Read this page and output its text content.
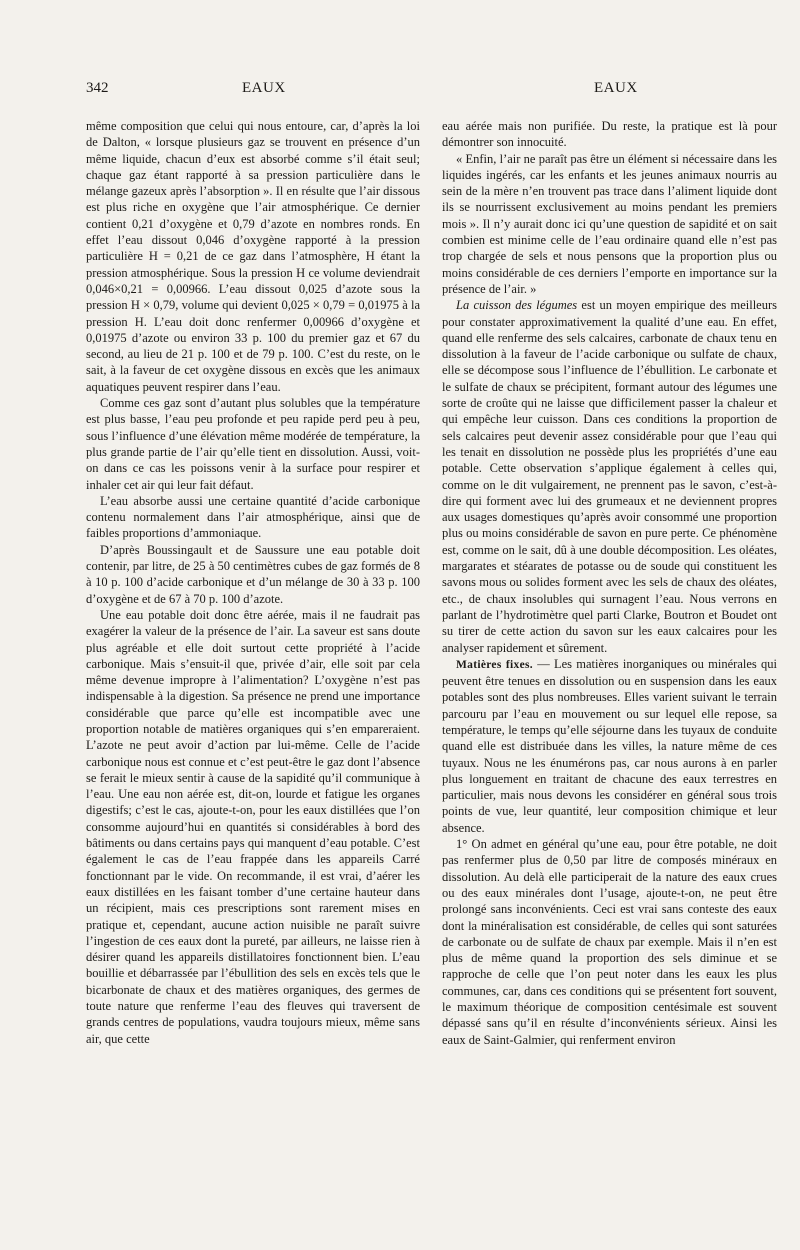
342	EAUX	EAUX

même composition que celui qui nous entoure, car, d’après la loi de Dalton, « lorsque plusieurs gaz se trouvent en présence d’un même liquide, chacun d’eux est absorbé comme s’il était seul; chaque gaz étant rapporté à sa pression particulière dans le mélange gazeux après l’absorption ». Il en résulte que l’air dissous est plus riche en oxygène que l’air atmosphérique. Ce dernier contient 0,21 d’oxygène et 0,79 d’azote en nombres ronds. En effet l’eau dissout 0,046 d’oxygène rapporté à la pression particulière H = 0,21 de ce gaz dans l’atmosphère, H étant la pression atmosphérique. Sous la pression H ce volume deviendrait 0,046×0,21 = 0,00966. L’eau dissout 0,025 d’azote sous la pression H × 0,79, volume qui devient 0,025 × 0,79 = 0,01975 à la pression H. L’eau doit donc renfermer 0,00966 d’oxygène et 0,01975 d’azote ou environ 33 p. 100 du premier gaz et 67 du second, au lieu de 21 p. 100 et de 79 p. 100. C’est du reste, on le sait, à la faveur de cet oxygène dissous en excès que les animaux aquatiques peuvent respirer dans l’eau.

Comme ces gaz sont d’autant plus solubles que la température est plus basse, l’eau peu profonde et peu rapide perd peu à peu, sous l’influence d’une élévation même modérée de température, la plus grande partie de l’air qu’elle tient en dissolution. Aussi, voit-on dans ce cas les poissons venir à la surface pour respirer et inhaler cet air qui leur fait défaut.

L’eau absorbe aussi une certaine quantité d’acide carbonique contenu normalement dans l’air atmosphérique, ainsi que de faibles proportions d’ammoniaque.

D’après Boussingault et de Saussure une eau potable doit contenir, par litre, de 25 à 50 centimètres cubes de gaz formés de 8 à 10 p. 100 d’acide carbonique et d’un mélange de 30 à 33 p. 100 d’oxygène et de 67 à 70 p. 100 d’azote.

Une eau potable doit donc être aérée, mais il ne faudrait pas exagérer la valeur de la présence de l’air. La saveur est sans doute plus agréable et elle doit surtout cette propriété à l’acide carbonique. Mais s’ensuit-il que, privée d’air, elle soit par cela même devenue impropre à l’alimentation? L’oxygène n’est pas indispensable à la digestion. Sa présence ne prend une importance considérable que parce qu’elle est incompatible avec une proportion notable de matières organiques qui s’en empareraient. L’azote ne peut avoir d’action par lui-même. Celle de l’acide carbonique nous est connue et c’est peut-être le gaz dont l’absence se ferait le mieux sentir à cause de la sapidité qu’il communique à l’eau. Une eau non aérée est, dit-on, lourde et fatigue les organes digestifs; c’est le cas, ajoute-t-on, pour les eaux distillées que l’on consomme aujourd’hui en quantités si considérables à bord des bâtiments ou dans certains pays qui manquent d’eau potable. C’est également le cas de l’eau frappée dans les appareils Carré fonctionnant par le vide. On recommande, il est vrai, d’aérer les eaux distillées en les faisant tomber d’une certaine hauteur dans un récipient, mais ces prescriptions sont rarement mises en pratique et, cependant, aucune action nuisible ne paraît suivre l’ingestion de ces eaux dont la pureté, par ailleurs, ne laisse rien à désirer quand les appareils distillatoires fonctionnent bien. L’eau bouillie et débarrassée par l’ébullition des sels en excès tels que le bicarbonate de chaux et des matières organiques, des germes de toute nature que renferme l’eau des fleuves qui traversent de grands centres de populations, vaudra toujours mieux, même sans air, que cette

eau aérée mais non purifiée. Du reste, la pratique est là pour démontrer son innocuité.

« Enfin, l’air ne paraît pas être un élément si nécessaire dans les liquides ingérés, car les enfants et les jeunes animaux nourris au sein de la mère n’en trouvent pas trace dans l’aliment liquide dont ils se nourrissent exclusivement au moins pendant les premiers mois ». Il n’y aurait donc ici qu’une question de sapidité et on sait combien est minime celle de l’eau ordinaire quand elle n’est pas trop chargée de sels et nous pensons que la proportion plus ou moins considérable de ces derniers l’emporte en importance sur la présence de l’air. »

La cuisson des légumes est un moyen empirique des meilleurs pour constater approximativement la qualité d’une eau. En effet, quand elle renferme des sels calcaires, carbonate de chaux tenu en dissolution à la faveur de l’acide carbonique ou sulfate de chaux, elle se décompose sous l’influence de l’ébullition. Le carbonate et le sulfate de chaux se précipitent, formant autour des légumes une sorte de croûte qui ne laisse que difficilement passer la chaleur et qui empêche leur cuisson. Dans ces conditions la proportion de sels calcaires peut devenir assez considérable pour que l’eau qui les tenait en dissolution ne possède plus les propriétés d’une eau potable. Cette observation s’applique également à celles qui, comme on le dit vulgairement, ne prennent pas le savon, c’est-à-dire qui forment avec lui des grumeaux et ne deviennent propres aux usages domestiques qu’après avoir consommé une proportion plus ou moins considérable de savon en pure perte. Ce phénomène est, comme on le sait, dû à une double décomposition. Les oléates, margarates et stéarates de potasse ou de soude qui constituent les savons mous ou solides forment avec les sels de chaux des oléates, etc., de chaux insolubles qui surnagent l’eau. Nous verrons en parlant de l’hydrotimètre quel parti Clarke, Boutron et Boudet ont su tirer de cette action du savon sur les eaux calcaires pour les analyser rapidement et sûrement.

Matières fixes. — Les matières inorganiques ou minérales qui peuvent être tenues en dissolution ou en suspension dans les eaux potables sont des plus nombreuses. Elles varient suivant le terrain parcouru par l’eau en mouvement ou sur lequel elle repose, sa température, le temps qu’elle séjourne dans les tuyaux de conduite quand elle est distribuée dans les villes, la nature même de ces tuyaux. Nous ne les énumérons pas, car nous aurons à en parler plus longuement en traitant de chacune des eaux terrestres en particulier, mais nous devons les considérer en général sous trois points de vue, leur quantité, leur composition chimique et leur absence.

1° On admet en général qu’une eau, pour être potable, ne doit pas renfermer plus de 0,50 par litre de composés minéraux en dissolution. Au delà elle participerait de la nature des eaux crues ou des eaux minérales dont l’usage, ajoute-t-on, ne peut être prolongé sans inconvénients. Ceci est vrai sans conteste des eaux dont la minéralisation est considérable, de celles qui sont saturées de carbonate ou de sulfate de chaux par exemple. Mais il n’en est plus de même quand la proportion des sels diminue et se rapproche de celle que l’on peut noter dans les eaux les plus communes, car, dans ces conditions qui se présentent fort souvent, le maximum théorique de composition centésimale est souvent dépassé sans qu’il en résulte d’inconvénients sérieux. Ainsi les eaux de Saint-Galmier, qui renferment environ
